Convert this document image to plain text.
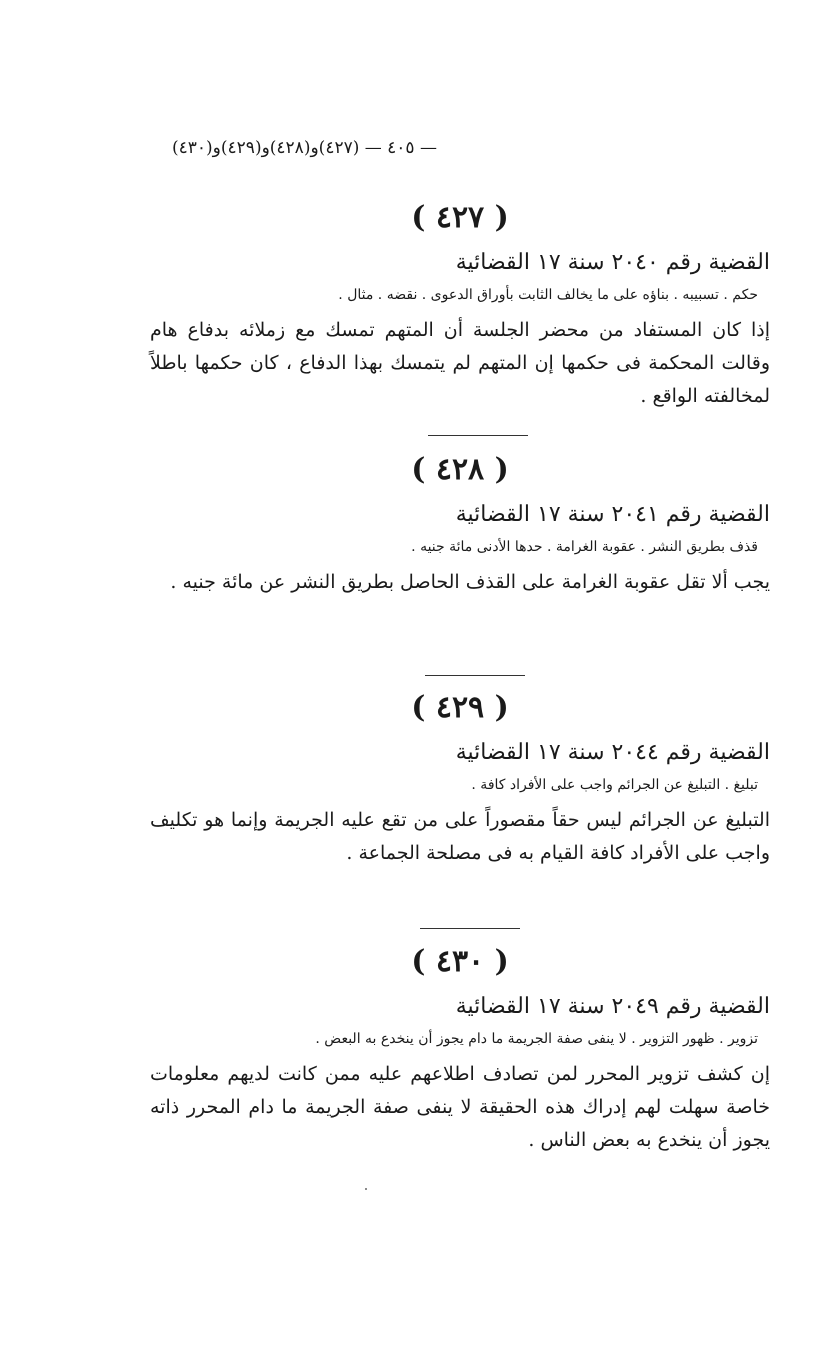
— ٤٠٥ — (٤٢٧)و(٤٢٨)و(٤٢٩)و(٤٣٠)
( ٤٢٧ )
القضية رقم ٢٠٤٠ سنة ١٧ القضائية
حكم . تسبيبه . بناؤه على ما يخالف الثابت بأوراق الدعوى . نقضه . مثال .
إذا كان المستفاد من محضر الجلسة أن المتهم تمسك مع زملائه بدفاع هام وقالت المحكمة فى حكمها إن المتهم لم يتمسك بهذا الدفاع ، كان حكمها باطلاً لمخالفته الواقع .
( ٤٢٨ )
القضية رقم ٢٠٤١ سنة ١٧ القضائية
قذف بطريق النشر . عقوبة الغرامة . حدها الأدنى مائة جنيه .
يجب ألا تقل عقوبة الغرامة على القذف الحاصل بطريق النشر عن مائة جنيه .
( ٤٢٩ )
القضية رقم ٢٠٤٤ سنة ١٧ القضائية
تبليغ . التبليغ عن الجرائم واجب على الأفراد كافة .
التبليغ عن الجرائم ليس حقاً مقصوراً على من تقع عليه الجريمة وإنما هو تكليف واجب على الأفراد كافة القيام به فى مصلحة الجماعة .
( ٤٣٠ )
القضية رقم ٢٠٤٩ سنة ١٧ القضائية
تزوير . ظهور التزوير . لا ينفى صفة الجريمة ما دام يجوز أن ينخدع به البعض .
إن كشف تزوير المحرر لمن تصادف اطلاعهم عليه ممن كانت لديهم معلومات خاصة سهلت لهم إدراك هذه الحقيقة لا ينفى صفة الجريمة ما دام المحرر ذاته يجوز أن ينخدع به بعض الناس .
